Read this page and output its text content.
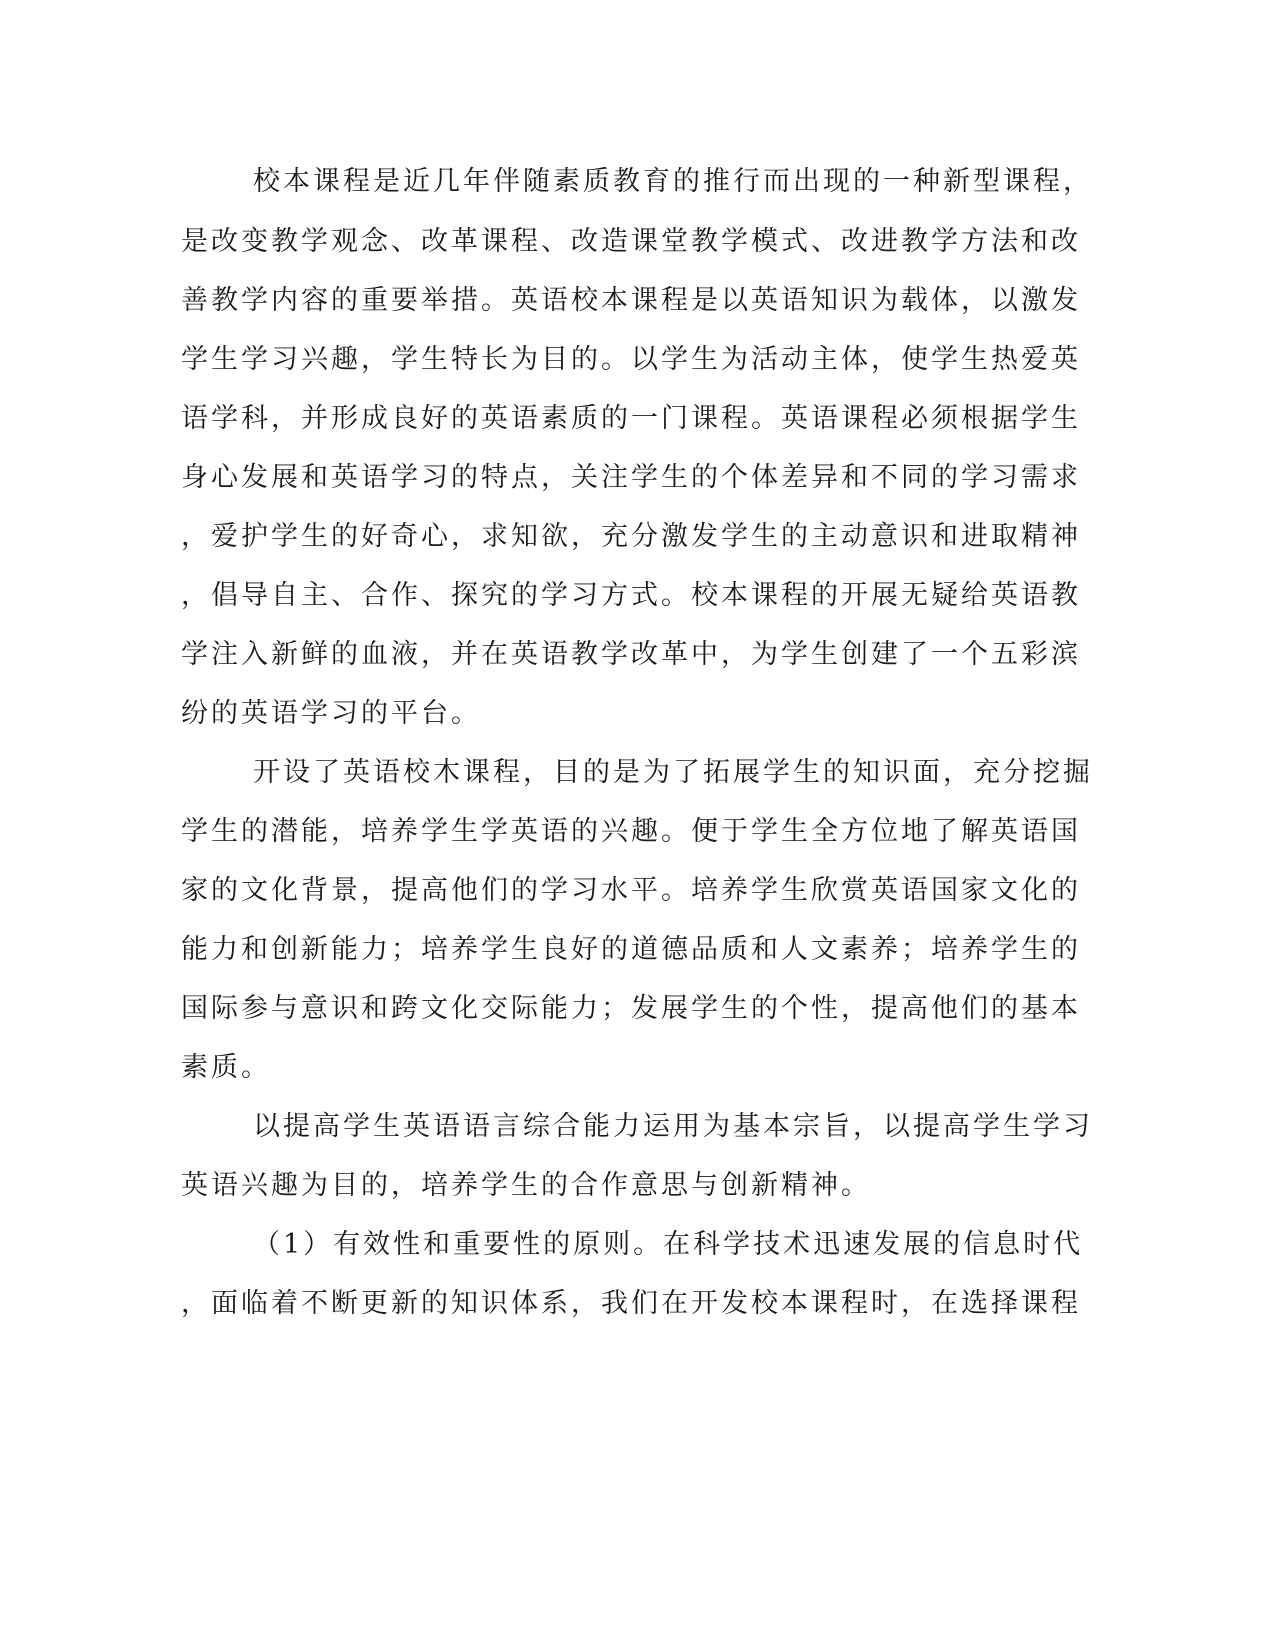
校本课程是近几年伴随素质教育的推行而出现的一种新型课程，
是改变教学观念、改革课程、改造课堂教学模式、改进教学方法和改
善教学内容的重要举措。英语校本课程是以英语知识为载体，以激发
学生学习兴趣，学生特长为目的。以学生为活动主体，使学生热爱英
语学科，并形成良好的英语素质的一门课程。英语课程必须根据学生
身心发展和英语学习的特点，关注学生的个体差异和不同的学习需求
，爱护学生的好奇心，求知欲，充分激发学生的主动意识和进取精神
，倡导自主、合作、探究的学习方式。校本课程的开展无疑给英语教
学注入新鲜的血液，并在英语教学改革中，为学生创建了一个五彩滨
纷的英语学习的平台。
开设了英语校木课程，目的是为了拓展学生的知识面，充分挖掘
学生的潜能，培养学生学英语的兴趣。便于学生全方位地了解英语国
家的文化背景，提高他们的学习水平。培养学生欣赏英语国家文化的
能力和创新能力；培养学生良好的道德品质和人文素养；培养学生的
国际参与意识和跨文化交际能力；发展学生的个性，提高他们的基本
素质。
以提高学生英语语言综合能力运用为基本宗旨，以提高学生学习
英语兴趣为目的，培养学生的合作意思与创新精神。
（1）有效性和重要性的原则。在科学技术迅速发展的信息时代
，面临着不断更新的知识体系，我们在开发校本课程时，在选择课程
